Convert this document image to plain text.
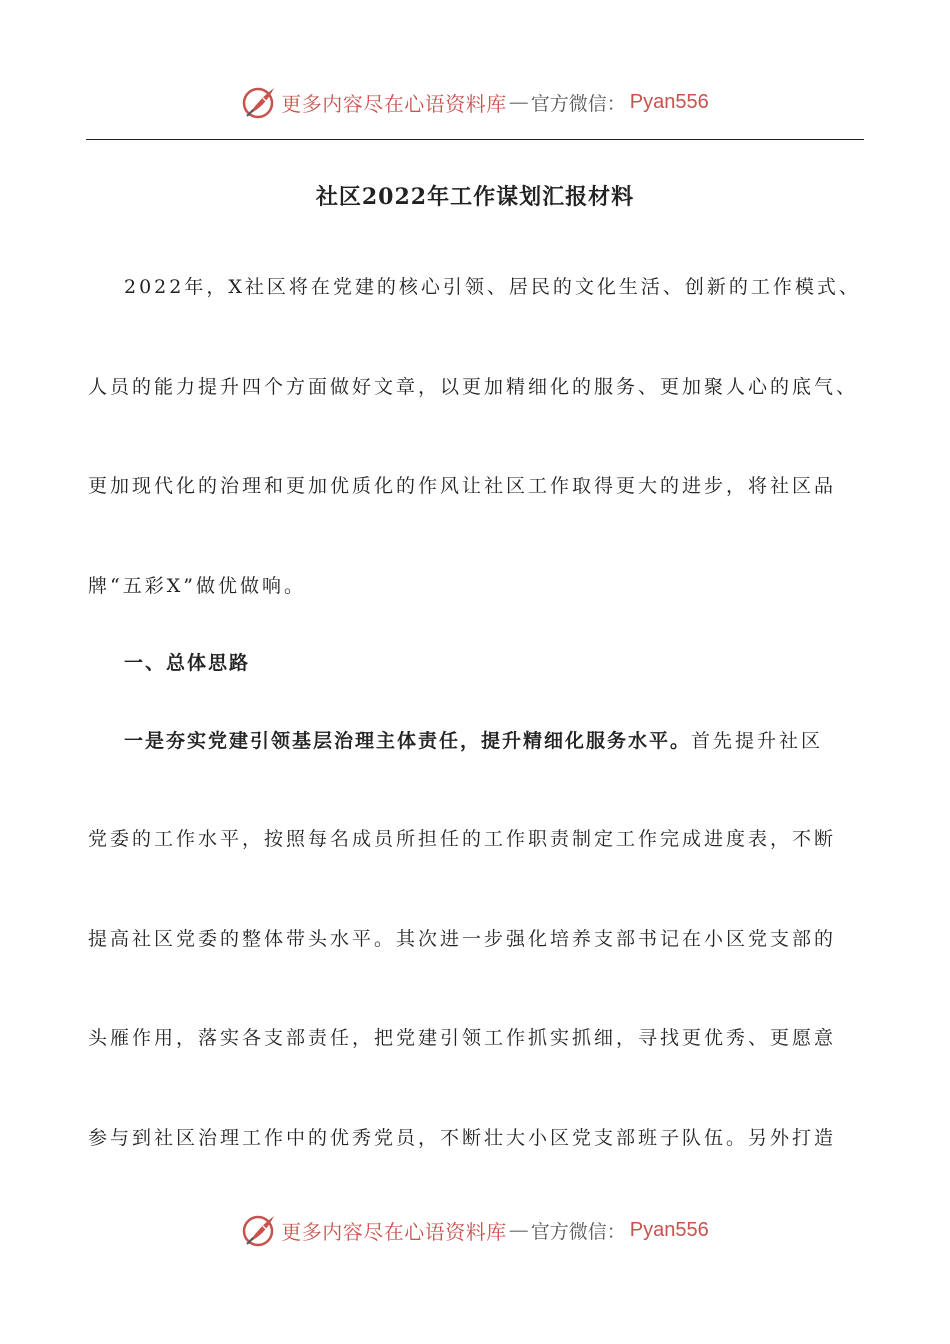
更多内容尽在心语资料库 — 官方微信： Pyan556
社区2022年工作谋划汇报材料
2022年，X社区将在党建的核心引领、居民的文化生活、创新的工作模式、
人员的能力提升四个方面做好文章，以更加精细化的服务、更加聚人心的底气、
更加现代化的治理和更加优质化的作风让社区工作取得更大的进步，将社区品
牌“五彩X”做优做响。
一、总体思路
一是夯实党建引领基层治理主体责任，提升精细化服务水平。首先提升社区
党委的工作水平，按照每名成员所担任的工作职责制定工作完成进度表，不断
提高社区党委的整体带头水平。其次进一步强化培养支部书记在小区党支部的
头雁作用，落实各支部责任，把党建引领工作抓实抓细，寻找更优秀、更愿意
参与到社区治理工作中的优秀党员，不断壮大小区党支部班子队伍。另外打造
更多内容尽在心语资料库 — 官方微信： Pyan556
